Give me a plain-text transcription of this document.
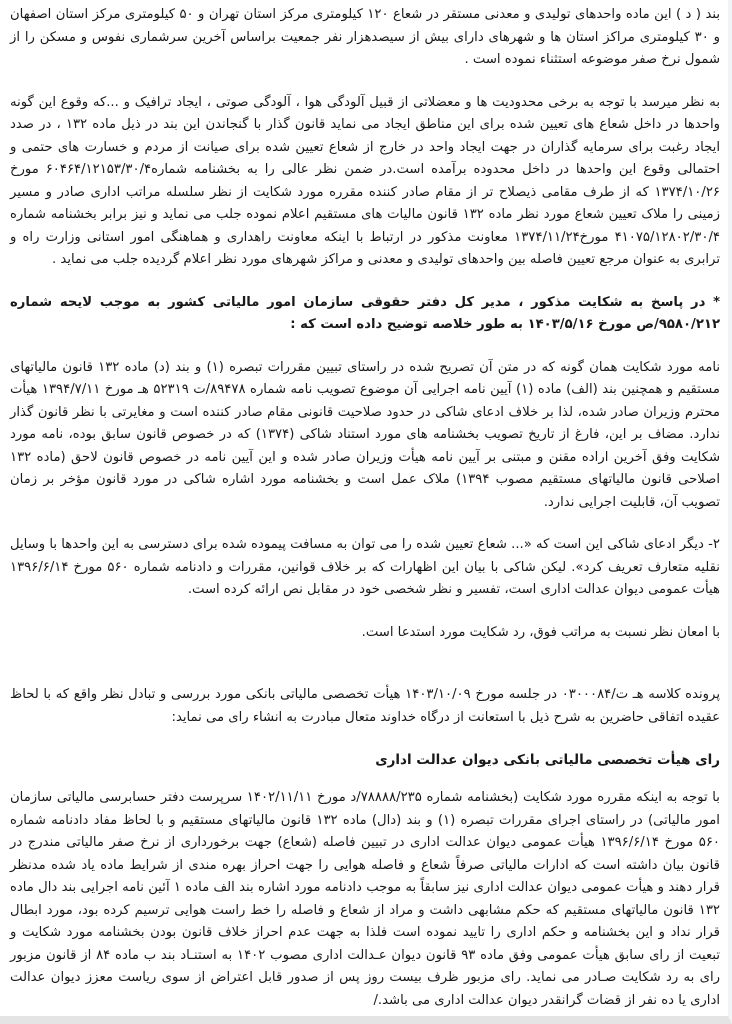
بند ( د ) این ماده واحدهای تولیدی و معدنی مستقر در شعاع ۱۲۰ کیلومتری مرکز استان تهران و ۵۰ کیلومتری مرکز استان اصفهان و ۳۰ کیلومتری مراکز استان ها و شهرهای دارای بیش از سیصدهزار نفر جمعیت براساس آخرین سرشماری نفوس و مسکن را از شمول نرخ صفر موضوعه استثناء نموده است .

به نظر میرسد با توجه به برخی محدودیت ها و معضلاتی از قبیل آلودگی هوا ، آلودگی صوتی ، ایجاد ترافیک و ...که وقوع این گونه واحدها در داخل شعاع های تعیین شده برای این مناطق ایجاد می نماید قانون گذار با گنجاندن این بند در ذیل ماده ۱۳۲ ، در صدد ایجاد رغبت برای سرمایه گذاران در جهت ایجاد واحد در خارج از شعاع تعیین شده برای صیانت از مردم و خسارت های حتمی و احتمالی وقوع این واحدها در داخل محدوده برآمده است.در ضمن نظر عالی را به بخشنامه شماره۶۰۴۶۴/۱۲۱۵۳/۳۰/۴ مورخ ۱۳۷۴/۱۰/۲۶ که از طرف مقامی ذیصلاح تر از مقام صادر کننده مقرره مورد شکایت از نظر سلسله مراتب اداری صادر و مسیر زمینی را ملاک تعیین شعاع مورد نظر ماده ۱۳۲ قانون مالیات های مستقیم اعلام نموده جلب می نماید و نیز برابر بخشنامه شماره ۴۱۰۷۵/۱۲۸۰۲/۳۰/۴ مورخ۱۳۷۴/۱۱/۲۴ معاونت مذکور در ارتباط با اینکه معاونت راهداری و هماهنگی امور استانی وزارت راه و ترابری به عنوان مرجع تعیین فاصله بین واحدهای تولیدی و معدنی و مراکز شهرهای مورد نظر اعلام گردیده جلب می نماید .

* در پاسخ به شکایت مذکور ، مدیر کل دفتر حقوقی سازمان امور مالیاتی کشور به موجب لایحه شماره ۹۵۸۰/۲۱۲/ص مورخ ۱۴۰۳/۵/۱۶ به طور خلاصه توضیح داده است که :

نامه مورد شکایت همان گونه که در متن آن تصریح شده در راستای تبیین مقررات تبصره (۱) و بند (د) ماده ۱۳۲ قانون مالیاتهای مستقیم و همچنین بند (الف) ماده (۱) آیین نامه اجرایی آن موضوع تصویب نامه شماره ۸۹۴۷۸/ت ۵۲۳۱۹ هـ مورخ ۱۳۹۴/۷/۱۱ هیأت محترم وزیران صادر شده، لذا بر خلاف ادعای شاکی در حدود صلاحیت قانونی مقام صادر کننده است و مغایرتی با نظر قانون گذار ندارد. مضاف بر این، فارغ از تاریخ تصویب بخشنامه های مورد استناد شاکی (۱۳۷۴) که در خصوص قانون سابق بوده، نامه مورد شکایت وفق آخرین اراده مقنن و مبتنی بر آیین نامه هیأت وزیران صادر شده و این آیین نامه در خصوص قانون لاحق (ماده ۱۳۲ اصلاحی قانون مالیاتهای مستقیم مصوب ۱۳۹۴) ملاک عمل است و بخشنامه مورد اشاره شاکی در مورد قانون مؤخر بر زمان تصویب آن، قابلیت اجرایی ندارد.

۲- دیگر ادعای شاکی این است که «... شعاع تعیین شده را می توان به مسافت پیموده شده برای دسترسی به این واحدها با وسایل نقلیه متعارف تعریف کرد». لیکن شاکی با بیان این اظهارات که بر خلاف قوانین، مقررات و دادنامه شماره ۵۶۰ مورخ ۱۳۹۶/۶/۱۴ هیأت عمومی دیوان عدالت اداری است، تفسیر و نظر شخصی خود در مقابل نص ارائه کرده است.

با امعان نظر نسبت به مراتب فوق، رد شکایت مورد استدعا است.

پرونده کلاسه هـ ت/۰۳۰۰۰۸۴ در جلسه مورخ ۱۴۰۳/۱۰/۰۹ هیأت تخصصی مالیاتی بانکی مورد بررسی و تبادل نظر واقع که با لحاظ عقیده اتفاقی حاضرین به شرح ذیل با استعانت از درگاه خداوند متعال مبادرت به انشاء رای می نماید:

رای هیأت تخصصی مالیاتی بانکی دیوان عدالت اداری

با توجه به اینکه مقرره مورد شکایت (بخشنامه شماره ۷۸۸۸۸/۲۳۵/د مورخ ۱۴۰۲/۱۱/۱۱ سرپرست دفتر حسابرسی مالیاتی سازمان امور مالیاتی) در راستای اجرای مقررات تبصره (۱) و بند (دال) ماده ۱۳۲ قانون مالیاتهای مستقیم و با لحاظ مفاد دادنامه شماره ۵۶۰ مورخ ۱۳۹۶/۶/۱۴ هیأت عمومی دیوان عدالت اداری در تبیین فاصله (شعاع) جهت برخورداری از نرخ صفر مالیاتی مندرج در قانون بیان داشته است که ادارات مالیاتی صرفاً شعاع و فاصله هوایی را جهت احراز بهره مندی از شرایط ماده یاد شده مدنظر قرار دهند و هیأت عمومی دیوان عدالت اداری نیز سابقاً به موجب دادنامه مورد اشاره بند الف ماده ۱ آئین نامه اجرایی بند دال ماده ۱۳۲ قانون مالیاتهای مستقیم که حکم مشابهی داشت و مراد از شعاع و فاصله را خط راست هوایی ترسیم کرده بود، مورد ابطال قرار نداد و این بخشنامه و حکم اداری را تایید نموده است فلذا به جهت عدم احراز خلاف قانون بودن بخشنامه مورد شکایت و تبعیت از رای سابق هیأت عمومی وفق ماده ۹۳ قانون دیوان عـدالت اداری مصوب ۱۴۰۲ به استنـاد بند ب ماده ۸۴ از قانون مزبور رای به رد شکایت صـادر می نماید. رای مزبور ظرف بیست روز پس از صدور قابل اعتراض از سوی ریاست معزز دیوان عدالت اداری یا ده نفر از قضات گرانقدر دیوان عدالت اداری می باشد./
